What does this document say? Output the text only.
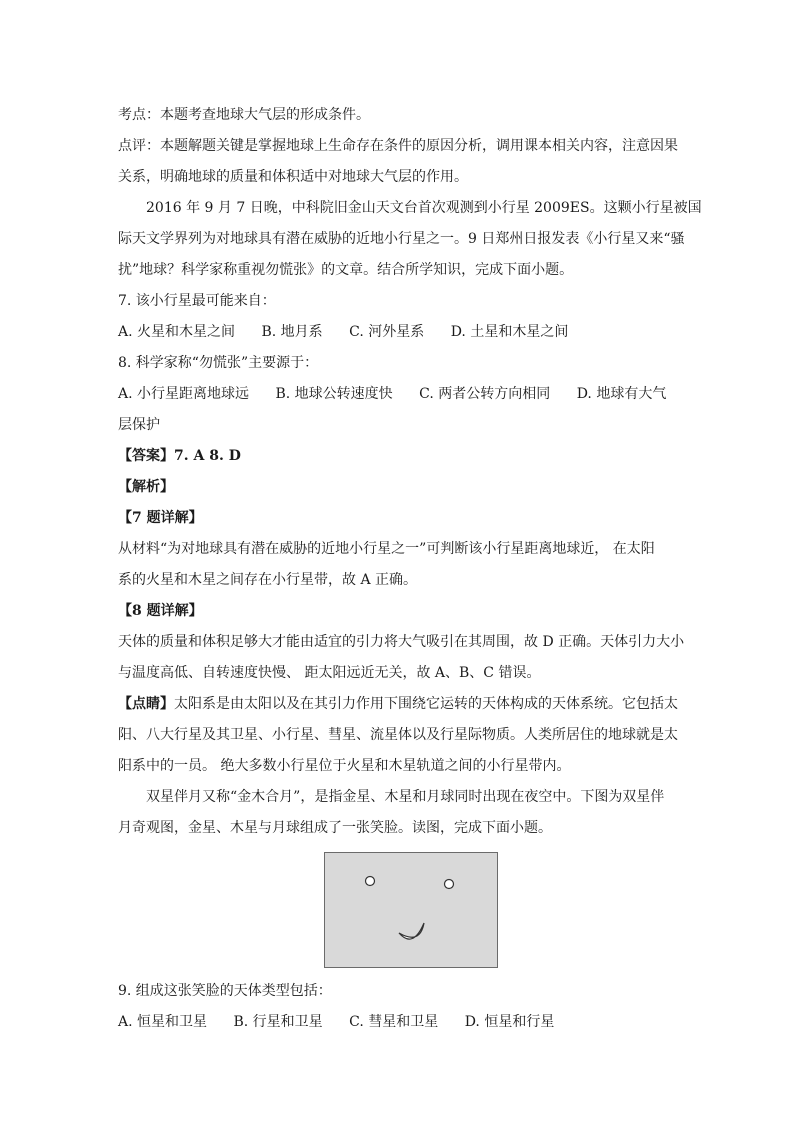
考点：本题考查地球大气层的形成条件。
点评：本题解题关键是掌握地球上生命存在条件的原因分析，调用课本相关内容，注意因果
关系，明确地球的质量和体积适中对地球大气层的作用。
2016 年 9 月 7 日晚，中科院旧金山天文台首次观测到小行星 2009ES。这颗小行星被国
际天文学界列为对地球具有潜在威胁的近地小行星之一。9 日郑州日报发表《小行星又来“骚
扰”地球？科学家称重视勿慌张》的文章。结合所学知识，完成下面小题。
7. 该小行星最可能来自：
A. 火星和木星之间 B. 地月系 C. 河外星系 D. 土星和木星之间
8. 科学家称“勿慌张”主要源于：
A. 小行星距离地球远 B. 地球公转速度快 C. 两者公转方向相同 D. 地球有大气
层保护
【答案】7. A 8. D
【解析】
【7 题详解】
从材料“为对地球具有潜在威胁的近地小行星之一”可判断该小行星距离地球近， 在太阳
系的火星和木星之间存在小行星带，故 A 正确。
【8 题详解】
天体的质量和体积足够大才能由适宜的引力将大气吸引在其周围，故 D 正确。天体引力大小
与温度高低、自转速度快慢、 距太阳远近无关，故 A、B、C 错误。
【点睛】太阳系是由太阳以及在其引力作用下围绕它运转的天体构成的天体系统。它包括太
阳、八大行星及其卫星、小行星、彗星、流星体以及行星际物质。人类所居住的地球就是太
阳系中的一员。 绝大多数小行星位于火星和木星轨道之间的小行星带内。
双星伴月又称“金木合月”，是指金星、木星和月球同时出现在夜空中。下图为双星伴
月奇观图，金星、木星与月球组成了一张笑脸。读图，完成下面小题。
9. 组成这张笑脸的天体类型包括：
A. 恒星和卫星 B. 行星和卫星 C. 彗星和卫星 D. 恒星和行星
